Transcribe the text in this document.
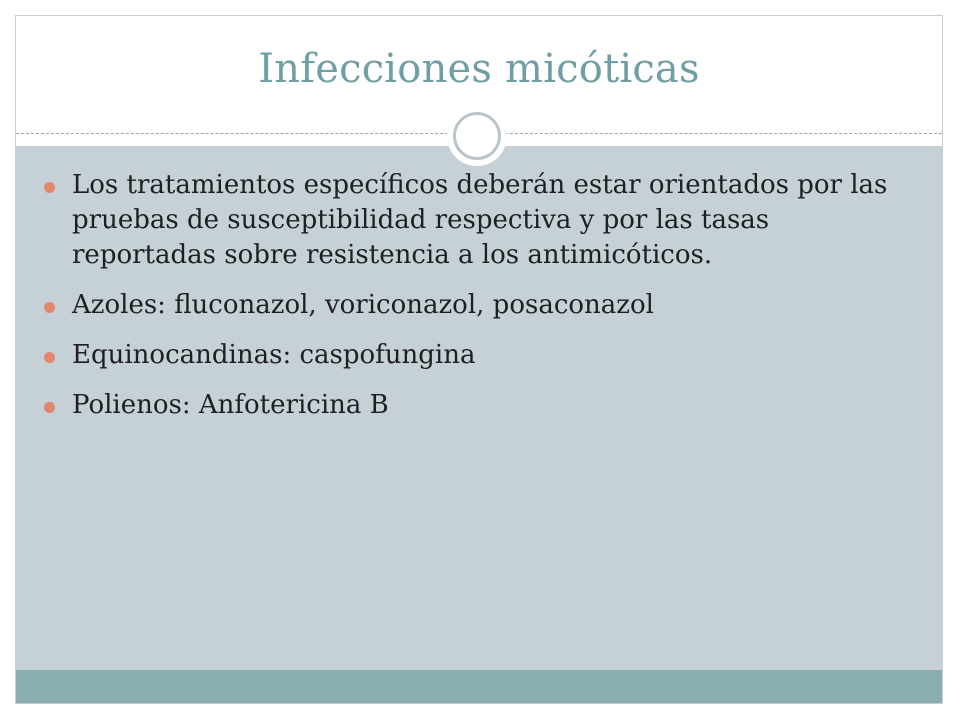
Infecciones micóticas
Los tratamientos específicos deberán estar orientados por las pruebas de susceptibilidad respectiva y por las tasas reportadas sobre resistencia a los antimicóticos.
Azoles: fluconazol, voriconazol, posaconazol
Equinocandinas: caspofungina
Polienos: Anfotericina B
